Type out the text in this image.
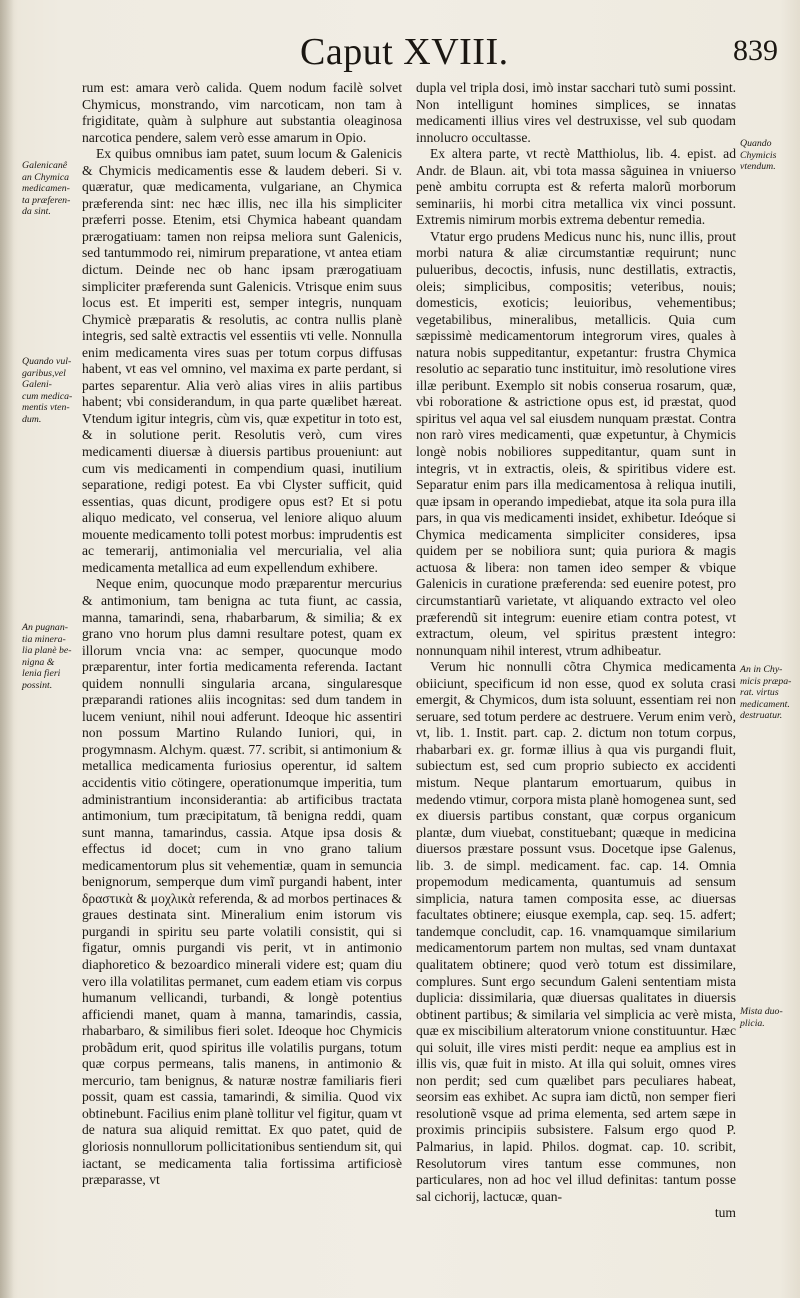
Caput XVIII.	839
Galenicanê
an Chymica
medicamen-
ta præferen-
da sint.
Quando vul-
garibus,vel
Galeni-
cum medica-
mentis vten-
dum.
An pugnan-
tia minera-
lia planè be-
nigna &
lenia fieri
possint.

rum est: amara verò calida. Quem nodum facilè solvet Chymicus, monstrando, vim narcoticam, non tam à frigiditate, quàm à sulphure aut substantia oleaginosa narcotica pendere, salem verò esse amarum in Opio.

Ex quibus omnibus iam patet, suum locum & Galenicis & Chymicis medicamentis esse & laudem deberi. Si v. quæratur, quæ medicamenta, vulgariane, an Chymica præferenda sint: nec hæc illis, nec illa his simpliciter præferri posse. Etenim, etsi Chymica habeant quandam prærogatiuam: tamen non reipsa meliora sunt Galenicis, sed tantummodo rei, nimirum preparatione, vt antea etiam dictum. Deinde nec ob hanc ipsam prærogatiuam simpliciter præferenda sunt Galenicis. Vtrisque enim suus locus est. Et imperiti est, semper integris, nunquam Chymicè præparatis & resolutis, ac contra nullis planè integris, sed saltè extractis vel essentiis vti velle. Nonnulla enim medicamenta vires suas per totum corpus diffusas habent, vt eas vel omnino, vel maxima ex parte perdant, si partes separentur. Alia verò alias vires in aliis partibus habent; vbi considerandum, in qua parte quælibet hæreat. Vtendum igitur integris, cùm vis, quæ expetitur in toto est, & in solutione perit. Resolutis verò, cum vires medicamenti diuersæ à diuersis partibus proueniunt: aut cum vis medicamenti in compendium quasi, inutilium separatione, redigi potest. Ea vbi Clyster sufficit, quid essentias, quas dicunt, prodigere opus est? Et si potu aliquo medicato, vel conserua, vel leniore aliquo aluum mouente medicamento tolli potest morbus: imprudentis est ac temerarij, antimonialia vel mercurialia, vel alia medicamenta metallica ad eum expellendum exhibere.

Neque enim, quocunque modo præparentur mercurius & antimonium, tam benigna ac tuta fiunt, ac cassia, manna, tamarindi, sena, rhabarbarum, & similia; & ex grano vno horum plus damni resultare potest, quam ex illorum vncia vna: ac semper, quocunque modo præparentur, inter fortia medicamenta referenda. Iactant quidem nonnulli singularia arcana, singularesque præparandi rationes aliis incognitas: sed dum tandem in lucem veniunt, nihil noui adferunt. Ideoque hic assentiri non possum Martino Rulando Iuniori, qui, in progymnasm. Alchym. quæst. 77. scribit, si antimonium & metallica medicamenta furiosius operentur, id saltem accidentis vitio cötingere, operationumque imperitia, tum administrantium inconsiderantia: ab artificibus tractata antimonium, tum præcipitatum, tã benigna reddi, quam sunt manna, tamarindus, cassia. Atque ipsa dosis & effectus id docet; cum in vno grano talium medicamentorum plus sit vehementiæ, quam in semuncia benignorum, semperque dum vimĩ purgandi habent, inter δραστικὰ & μοχλικὰ referenda, & ad morbos pertinaces & graues destinata sint. Mineralium enim istorum vis purgandi in spiritu seu parte volatili consistit, qui si figatur, omnis purgandi vis perit, vt in antimonio diaphoretico & bezoardico minerali videre est; quam diu vero illa volatilitas permanet, cum eadem etiam vis corpus humanum vellicandi, turbandi, & longè potentius afficiendi manet, quam à manna, tamarindis, cassia, rhabarbaro, & similibus fieri solet. Ideoque hoc Chymicis probãdum erit, quod spiritus ille volatilis purgans, totum quæ corpus permeans, talis manens, in antimonio & mercurio, tam benignus, & naturæ nostræ familiaris fieri possit, quam est cassia, tamarindi, & similia. Quod vix obtinebunt. Facilius enim planè tollitur vel figitur, quam vt de natura sua aliquid remittat. Ex quo patet, quid de gloriosis nonnullorum pollicitationibus sentiendum sit, qui iactant, se medicamenta talia fortissima artificiosè præparasse, vt

dupla vel tripla dosi, imò instar sacchari tutò sumi possint. Non intelligunt homines simplices, se innatas medicamenti illius vires vel destruxisse, vel sub quodam innolucro occultasse.

Ex altera parte, vt rectè Matthiolus, lib. 4. epist. ad Andr. de Blaun. ait, vbi tota massa sãguinea in vniuerso penè ambitu corrupta est & referta malorũ morborum seminariis, hi morbi citra metallica vix vinci possunt. Extremis nimirum morbis extrema debentur remedia.

Vtatur ergo prudens Medicus nunc his, nunc illis, prout morbi natura & aliæ circumstantiæ requirunt; nunc pulueribus, decoctis, infusis, nunc destillatis, extractis, oleis; simplicibus, compositis; veteribus, nouis; domesticis, exoticis; leuioribus, vehementibus; vegetabilibus, mineralibus, metallicis. Quia cum sæpissimè medicamentorum integrorum vires, quales à natura nobis suppeditantur, expetantur: frustra Chymica resolutio ac separatio tunc instituitur, imò resolutione vires illæ peribunt. Exemplo sit nobis conserua rosarum, quæ, vbi roboratione & astrictione opus est, id præstat, quod spiritus vel aqua vel sal eiusdem nunquam præstat. Contra non rarò vires medicamenti, quæ expetuntur, à Chymicis longè nobis nobiliores suppeditantur, quam sunt in integris, vt in extractis, oleis, & spiritibus videre est. Separatur enim pars illa medicamentosa à reliqua inutili, quæ ipsam in operando impediebat, atque ita sola pura illa pars, in qua vis medicamenti insidet, exhibetur. Ideóque si Chymica medicamenta simpliciter consideres, ipsa quidem per se nobiliora sunt; quia puriora & magis actuosa & libera: non tamen ideo semper & vbique Galenicis in curatione præferenda: sed euenire potest, pro circumstantiarũ varietate, vt aliquando extracto vel oleo præferendũ sit integrum: euenire etiam contra potest, vt extractum, oleum, vel spiritus præstent integro: nonnunquam nihil interest, vtrum adhibeatur.

Verum hic nonnulli cõtra Chymica medicamenta obiiciunt, specificum id non esse, quod ex soluta crasi emergit, & Chymicos, dum ista soluunt, essentiam rei non seruare, sed totum perdere ac destruere. Verum enim verò, vt, lib. 1. Instit. part. cap. 2. dictum non totum corpus, rhabarbari ex. gr. formæ illius à qua vis purgandi fluit, subiectum est, sed cum proprio subiecto ex accidenti mistum. Neque plantarum emortuarum, quibus in medendo vtimur, corpora mista planè homogenea sunt, sed ex diuersis partibus constant, quæ corpus organicum plantæ, dum viuebat, constituebant; quæque in medicina diuersos præstare possunt vsus. Docetque ipse Galenus, lib. 3. de simpl. medicament. fac. cap. 14. Omnia propemodum medicamenta, quantumuis ad sensum simplicia, natura tamen composita esse, ac diuersas facultates obtinere; eiusque exempla, cap. seq. 15. adfert; tandemque concludit, cap. 16. vnamquamque similarium medicamentorum partem non multas, sed vnam duntaxat qualitatem obtinere; quod verò totum est dissimilare, complures. Sunt ergo secundum Galeni sententiam mista duplicia: dissimilaria, quæ diuersas qualitates in diuersis obtinent partibus; & similaria vel simplicia ac verè mista, quæ ex miscibilium alteratorum vnione constituuntur. Hæc qui soluit, ille vires misti perdit: neque ea amplius est in illis vis, quæ fuit in misto. At illa qui soluit, omnes vires non perdit; sed cum quælibet pars peculiares habeat, seorsim eas exhibet. Ac supra iam dictũ, non semper fieri resolutionẽ vsque ad prima elementa, sed artem sæpe in proximis principiis subsistere. Falsum ergo quod P. Palmarius, in lapid. Philos. dogmat. cap. 10. scribit, Resolutorum vires tantum esse communes, non particulares, non ad hoc vel illud definitas: tantum posse sal cichorij, lactucæ, quan-

tum
Quando
Chymicis
vtendum.
An in Chy-
micis præpa-
rat. virtus
medicament.
destruatur.
Mista duo-
plicia.
